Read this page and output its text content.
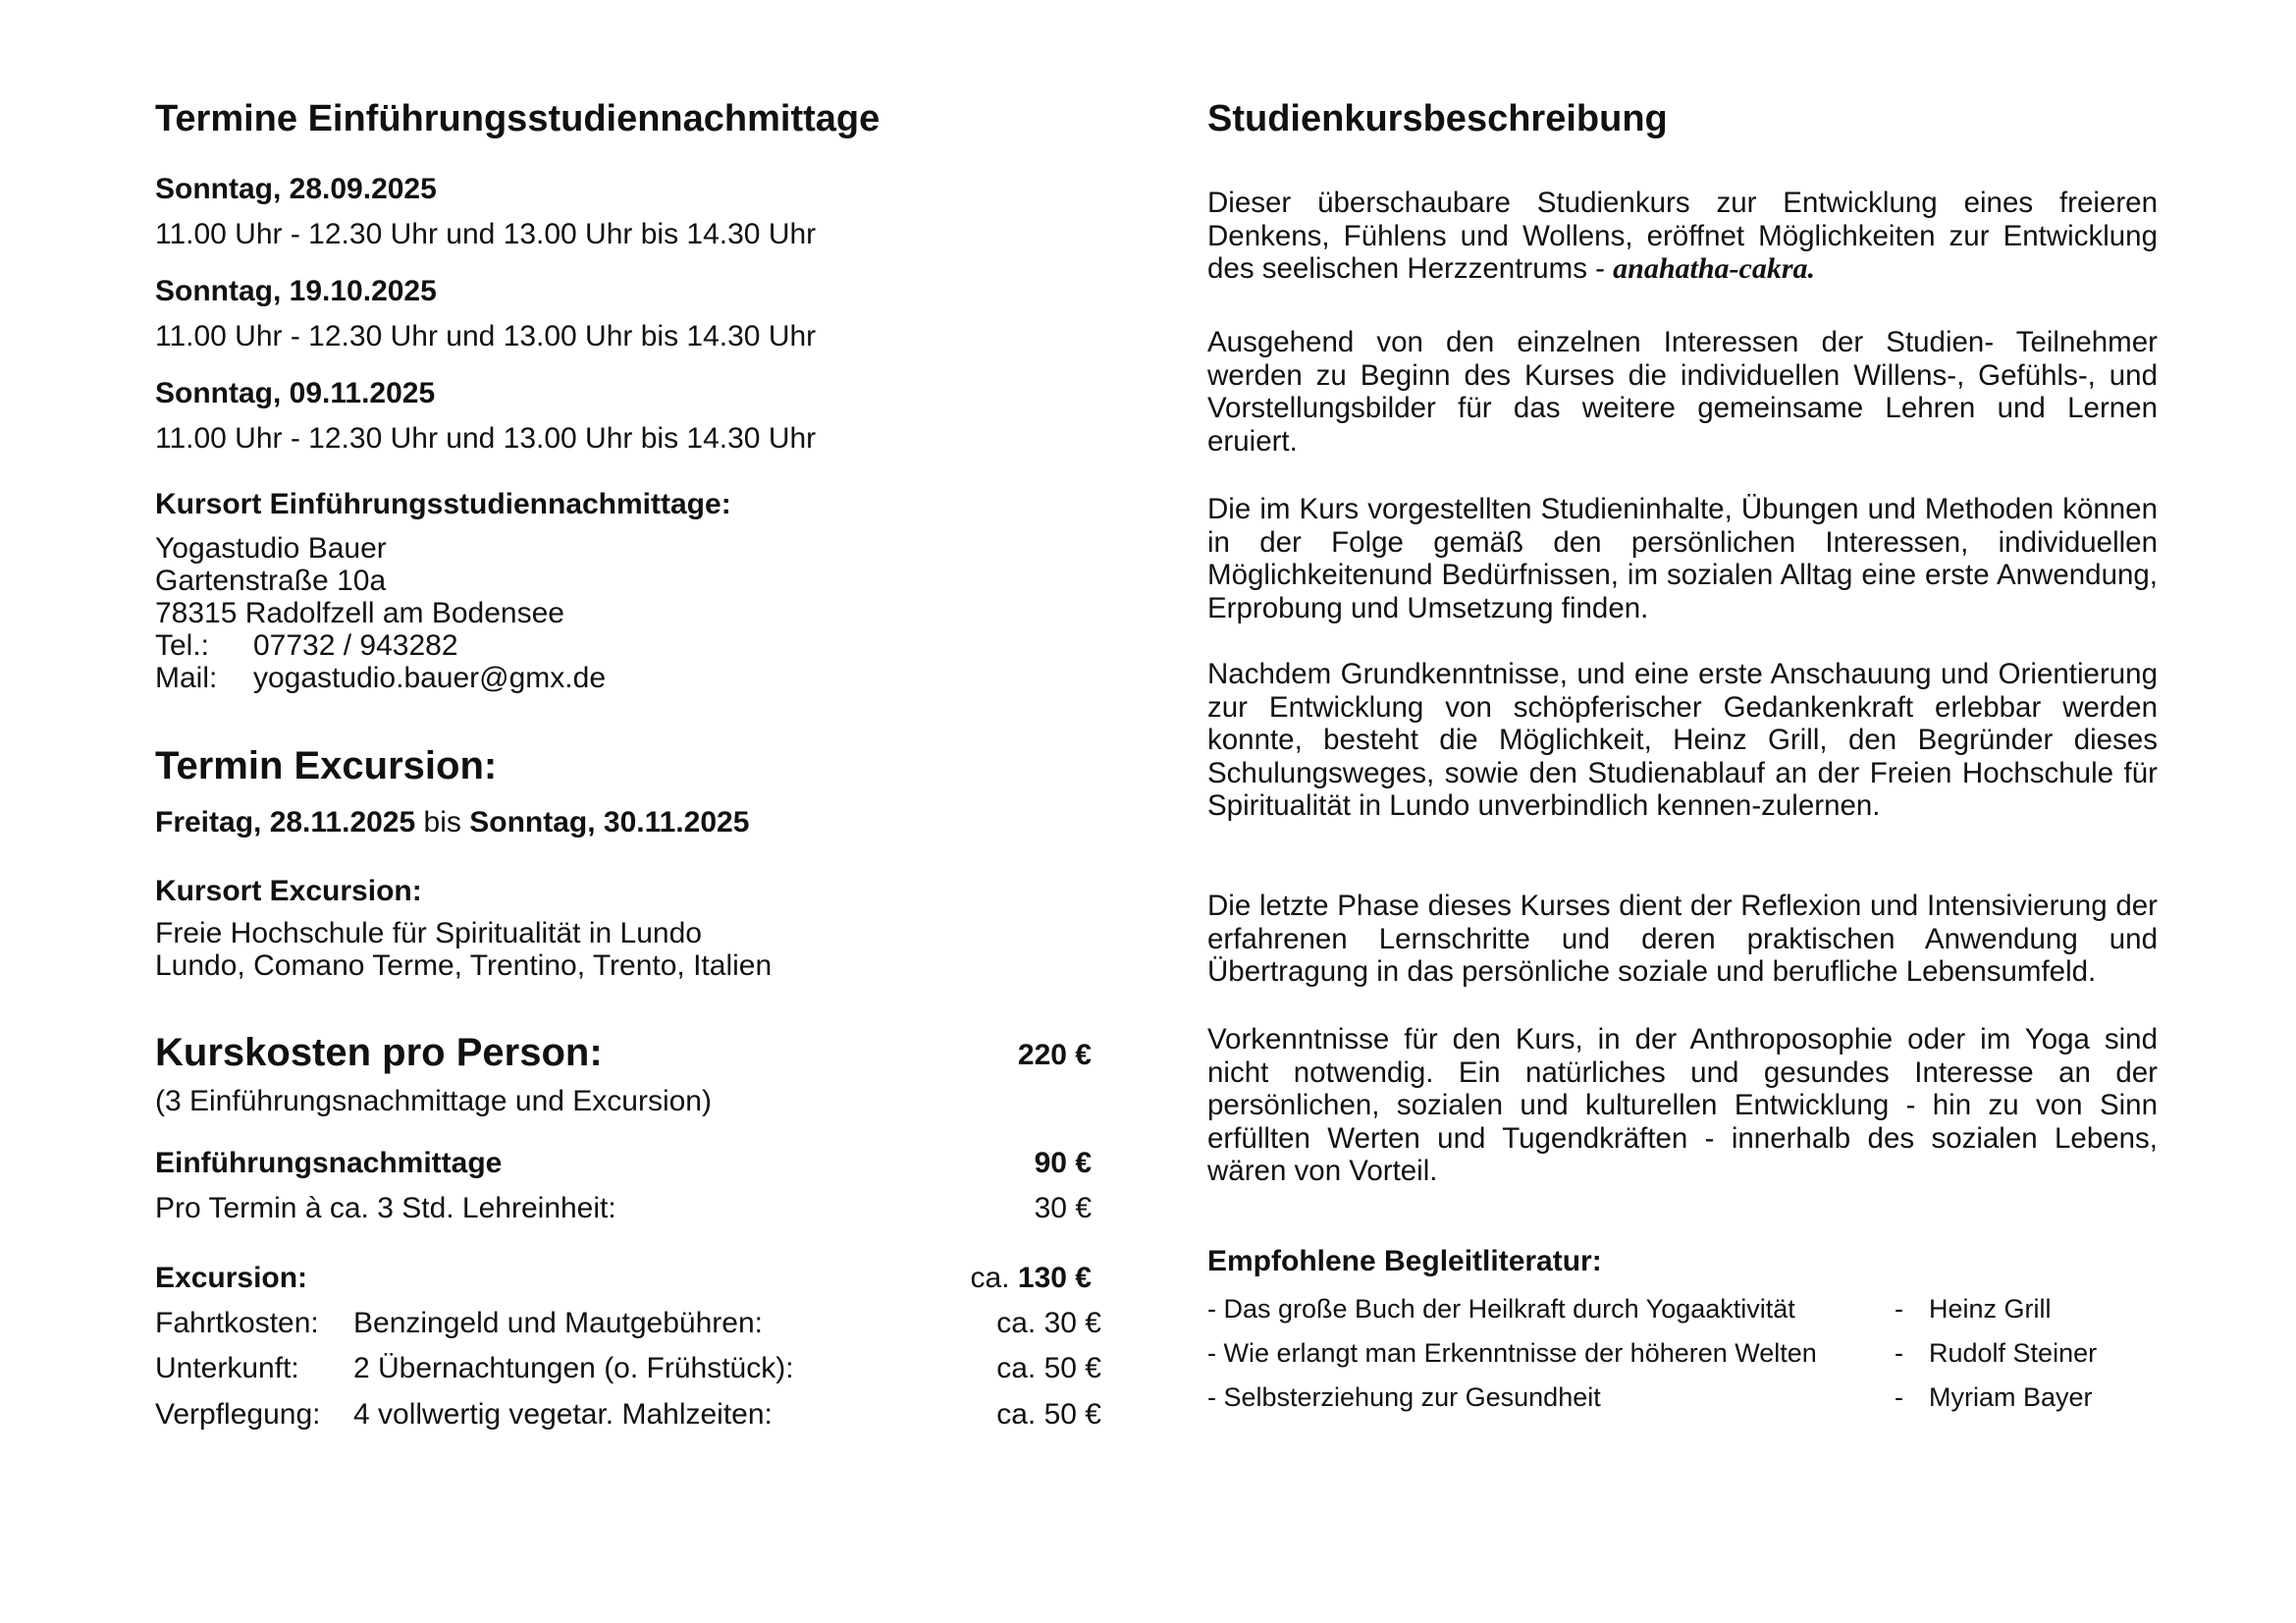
Termine Einführungsstudiennachmittage
Sonntag, 28.09.2025
11.00 Uhr - 12.30 Uhr und 13.00 Uhr bis 14.30 Uhr
Sonntag, 19.10.2025
11.00 Uhr - 12.30 Uhr und 13.00 Uhr bis 14.30 Uhr
Sonntag, 09.11.2025
11.00 Uhr - 12.30 Uhr und 13.00 Uhr bis 14.30 Uhr
Kursort Einführungsstudiennachmittage:
Yogastudio Bauer
Gartenstraße 10a
78315 Radolfzell am Bodensee
Tel.: 07732 / 943282
Mail: yogastudio.bauer@gmx.de
Termin Excursion:
Freitag, 28.11.2025 bis Sonntag, 30.11.2025
Kursort Excursion:
Freie Hochschule für Spiritualität in Lundo
Lundo, Comano Terme, Trentino, Trento, Italien
Kurskosten pro Person:	220 €
(3 Einführungsnachmittage und Excursion)
Einführungsnachmittage	90 €
Pro Termin à ca. 3 Std. Lehreinheit:	30 €
Excursion:	ca. 130 €
Fahrtkosten: Benzingeld und Mautgebühren:	ca. 30 €
Unterkunft: 2 Übernachtungen (o. Frühstück):	ca. 50 €
Verpflegung: 4 vollwertig vegetar. Mahlzeiten:	ca. 50 €
Studienkursbeschreibung

Dieser überschaubare Studienkurs zur Entwicklung eines freieren Denkens, Fühlens und Wollens, eröffnet Möglichkeiten zur Entwicklung des seelischen Herzzentrums - anahatha-cakra.

Ausgehend von den einzelnen Interessen der Studien- Teilnehmer werden zu Beginn des Kurses die individuellen Willens-, Gefühls-, und Vorstellungsbilder für das weitere gemeinsame Lehren und Lernen eruiert.

Die im Kurs vorgestellten Studieninhalte, Übungen und Methoden können in der Folge gemäß den persönlichen Interessen, individuellen Möglichkeitenund Bedürfnissen, im sozialen Alltag eine erste Anwendung, Erprobung und Umsetzung finden.

Nachdem Grundkenntnisse, und eine erste Anschauung und Orientierung zur Entwicklung von schöpferischer Gedankenkraft erlebbar werden konnte, besteht die Möglichkeit, Heinz Grill, den Begründer dieses Schulungsweges, sowie den Studienablauf an der Freien Hochschule für Spiritualität in Lundo unverbindlich kennen-zulernen.

Die letzte Phase dieses Kurses dient der Reflexion und Intensivierung der erfahrenen Lernschritte und deren praktischen Anwendung und Übertragung in das persönliche soziale und berufliche Lebensumfeld.

Vorkenntnisse für den Kurs, in der Anthroposophie oder im Yoga sind nicht notwendig. Ein natürliches und gesundes Interesse an der persönlichen, sozialen und kulturellen Entwicklung - hin zu von Sinn erfüllten Werten und Tugendkräften - innerhalb des sozialen Lebens, wären von Vorteil.

Empfohlene Begleitliteratur:
- Das große Buch der Heilkraft durch Yogaaktivität	- Heinz Grill
- Wie erlangt man Erkenntnisse der höheren Welten	- Rudolf Steiner
- Selbsterziehung zur Gesundheit	- Myriam Bayer
